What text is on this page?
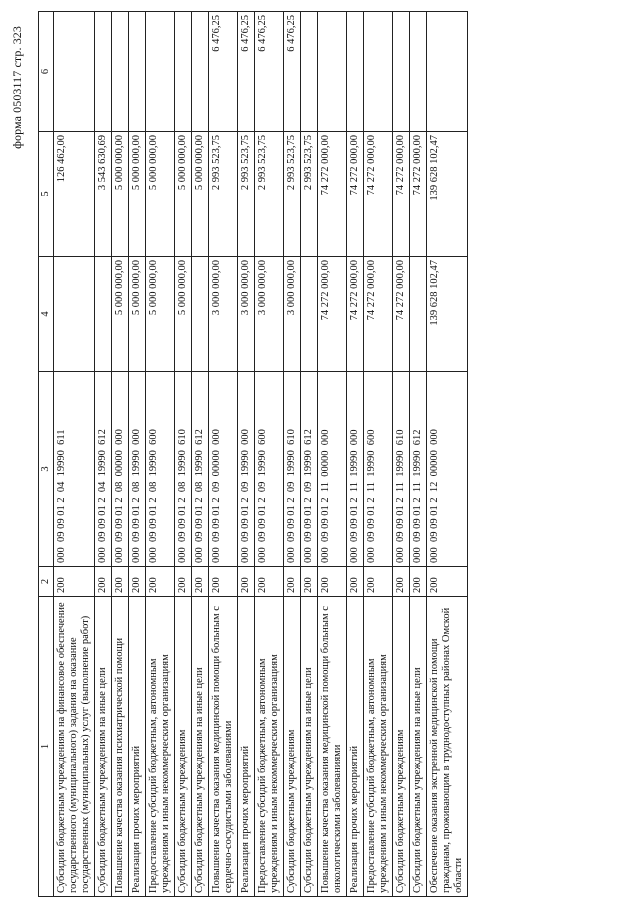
форма 0503117 стр. 323
1	2	3	4	5	6
Субсидии бюджетным учреждениям на финансовое обеспечение государственного (муниципального) задания на оказание государственных (муниципальных) услуг (выполнение работ)	200	000  09 09 01 2  04  19990  611		126 462,00	
Субсидии бюджетным учреждениям на иные цели	200	000  09 09 01 2  04  19990  612		3 543 630,69	
Повышение качества оказания психиатрической помощи	200	000  09 09 01 2  08  00000  000	5 000 000,00	5 000 000,00	
Реализация прочих мероприятий	200	000  09 09 01 2  08  19990  000	5 000 000,00	5 000 000,00	
Предоставление субсидий бюджетным, автономным учреждениям и иным некоммерческим организациям	200	000  09 09 01 2  08  19990  600	5 000 000,00	5 000 000,00	
Субсидии бюджетным учреждениям	200	000  09 09 01 2  08  19990  610	5 000 000,00	5 000 000,00	
Субсидии бюджетным учреждениям на иные цели	200	000  09 09 01 2  08  19990  612		5 000 000,00	
Повышение качества оказания медицинской помощи больным с сердечно-сосудистыми заболеваниями	200	000  09 09 01 2  09  00000  000	3 000 000,00	2 993 523,75	6 476,25
Реализация прочих мероприятий	200	000  09 09 01 2  09  19990  000	3 000 000,00	2 993 523,75	6 476,25
Предоставление субсидий бюджетным, автономным учреждениям и иным некоммерческим организациям	200	000  09 09 01 2  09  19990  600	3 000 000,00	2 993 523,75	6 476,25
Субсидии бюджетным учреждениям	200	000  09 09 01 2  09  19990  610	3 000 000,00	2 993 523,75	6 476,25
Субсидии бюджетным учреждениям на иные цели	200	000  09 09 01 2  09  19990  612		2 993 523,75	
Повышение качества оказания медицинской помощи больным с онкологическими заболеваниями	200	000  09 09 01 2  11  00000  000	74 272 000,00	74 272 000,00	
Реализация прочих мероприятий	200	000  09 09 01 2  11  19990  000	74 272 000,00	74 272 000,00	
Предоставление субсидий бюджетным, автономным учреждениям и иным некоммерческим организациям	200	000  09 09 01 2  11  19990  600	74 272 000,00	74 272 000,00	
Субсидии бюджетным учреждениям	200	000  09 09 01 2  11  19990  610	74 272 000,00	74 272 000,00	
Субсидии бюджетным учреждениям на иные цели	200	000  09 09 01 2  11  19990  612		74 272 000,00	
Обеспечение оказания экстренной медицинской помощи гражданам, проживающим в труднодоступных районах Омской области	200	000  09 09 01 2  12  00000  000	139 628 102,47	139 628 102,47	
